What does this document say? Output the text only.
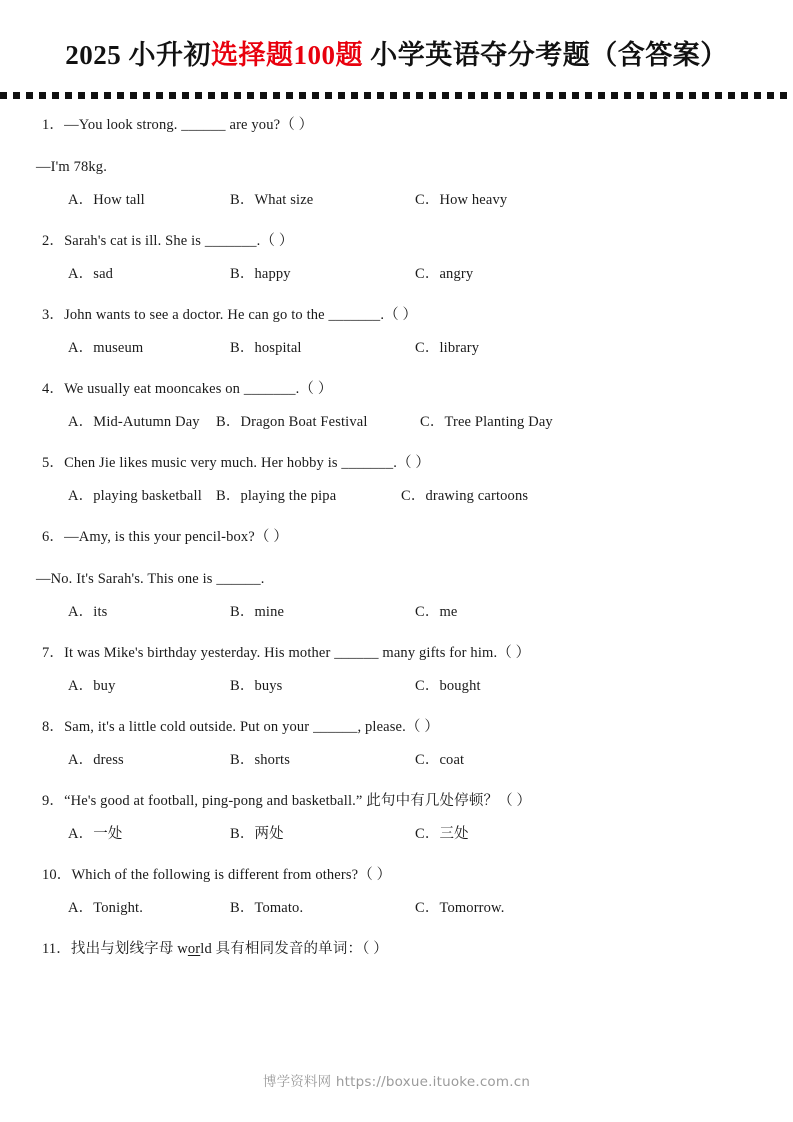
2025 小升初选择题100题 小学英语夺分考题（含答案）
1．—You look strong. ______ are you?（ ）
—I'm 78kg.
A．How tall	B．What size	C．How heavy
2．Sarah's cat is ill. She is _______.（ ）
A．sad	B．happy	C．angry
3．John wants to see a doctor. He can go to the _______.（ ）
A．museum	B．hospital	C．library
4．We usually eat mooncakes on _______.（ ）
A．Mid-Autumn Day B．Dragon Boat Festival	C．Tree Planting Day
5．Chen Jie likes music very much. Her hobby is _______.（ ）
A．playing basketball B．playing the pipa	C．drawing cartoons
6．—Amy, is this your pencil-box?（ ）
—No. It's Sarah's. This one is ______.
A．its	B．mine	C．me
7．It was Mike's birthday yesterday. His mother ______ many gifts for him.（ ）
A．buy	B．buys	C．bought
8．Sam, it's a little cold outside. Put on your ______, please.（ ）
A．dress	B．shorts	C．coat
9．“He's good at football, ping-pong and basketball.” 此句中有几处停顿？（ ）
A．一处	B．两处	C．三处
10．Which of the following is different from others?（ ）
A．Tonight.	B．Tomato.	C．Tomorrow.
11．找出与划线字母 world 具有相同发音的单词：（ ）
博学资料网 https://boxue.ituoke.com.cn
